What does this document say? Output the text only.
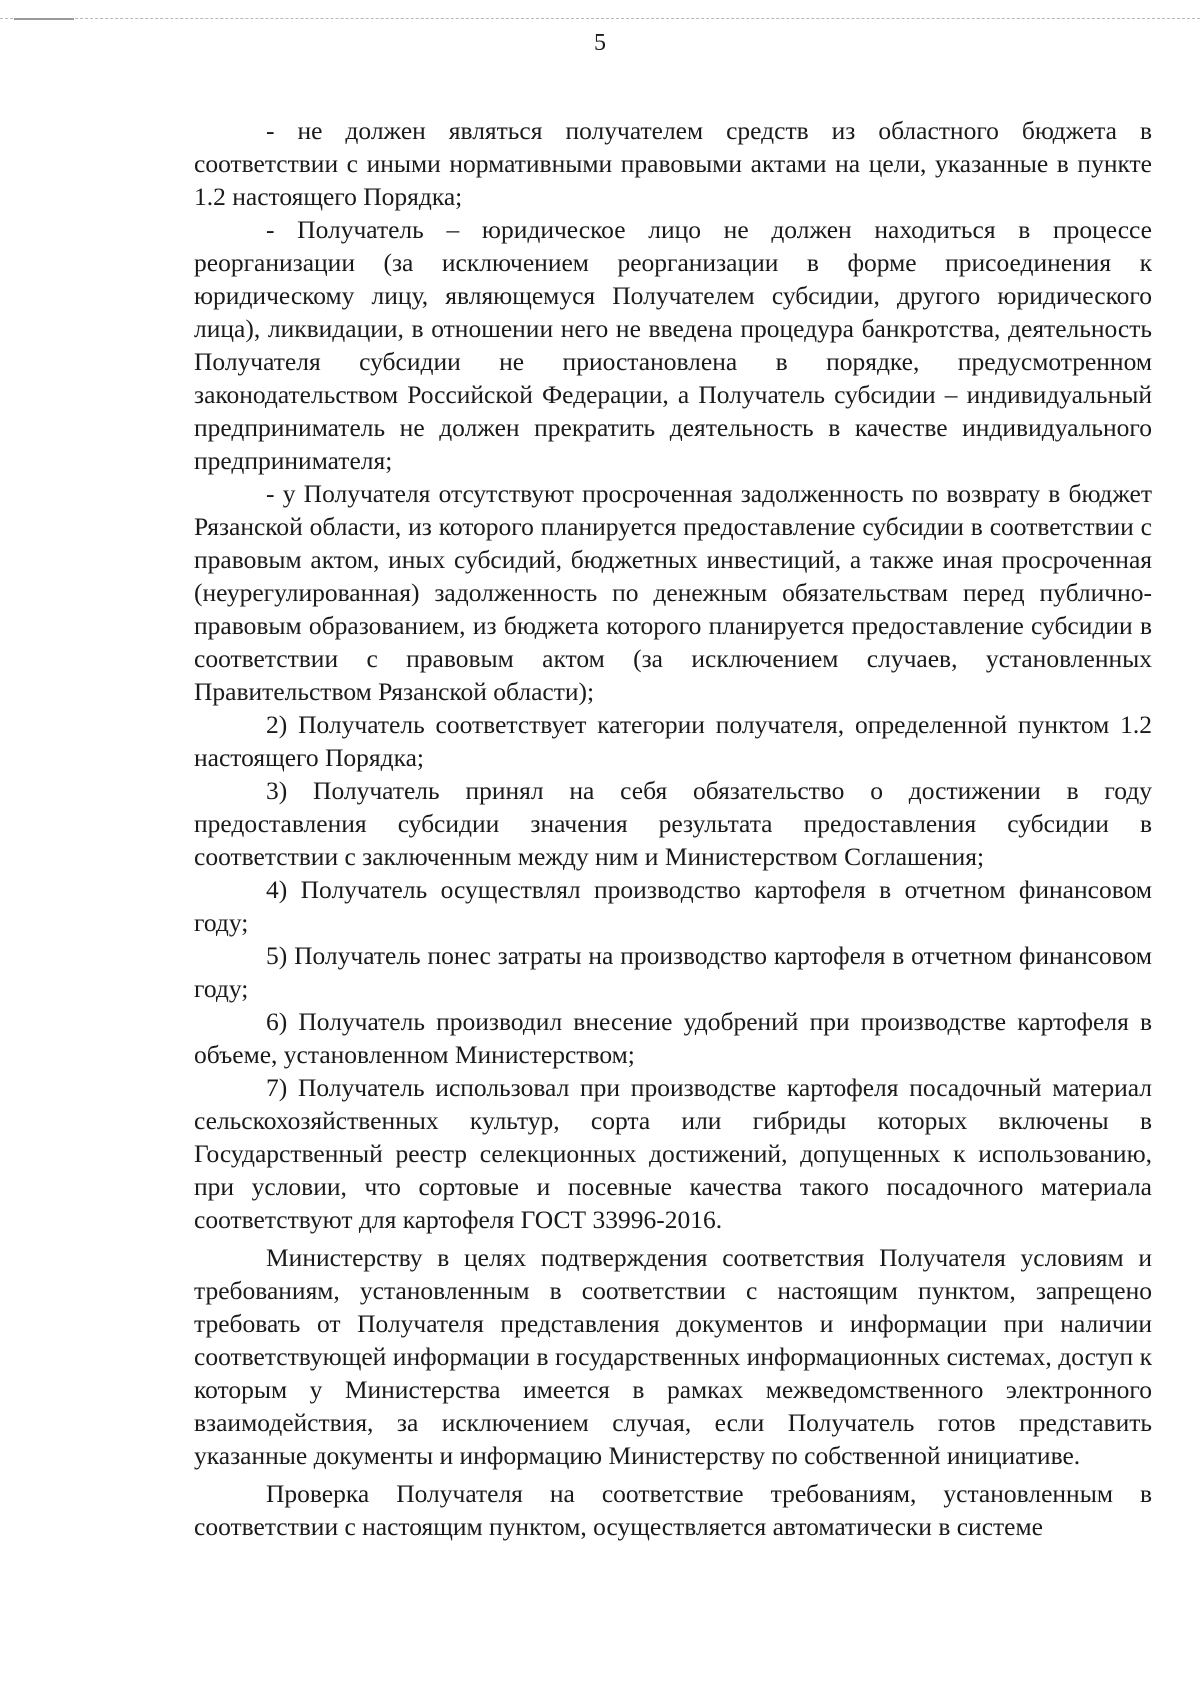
5

- не должен являться получателем средств из областного бюджета в соответствии с иными нормативными правовыми актами на цели, указанные в пункте 1.2 настоящего Порядка;

- Получатель – юридическое лицо не должен находиться в процессе реорганизации (за исключением реорганизации в форме присоединения к юридическому лицу, являющемуся Получателем субсидии, другого юридического лица), ликвидации, в отношении него не введена процедура банкротства, деятельность Получателя субсидии не приостановлена в порядке, предусмотренном законодательством Российской Федерации, а Получатель субсидии – индивидуальный предприниматель не должен прекратить деятельность в качестве индивидуального предпринимателя;

- у Получателя отсутствуют просроченная задолженность по возврату в бюджет Рязанской области, из которого планируется предоставление субсидии в соответствии с правовым актом, иных субсидий, бюджетных инвестиций, а также иная просроченная (неурегулированная) задолженность по денежным обязательствам перед публично-правовым образованием, из бюджета которого планируется предоставление субсидии в соответствии с правовым актом (за исключением случаев, установленных Правительством Рязанской области);

2) Получатель соответствует категории получателя, определенной пунктом 1.2 настоящего Порядка;

3) Получатель принял на себя обязательство о достижении в году предоставления субсидии значения результата предоставления субсидии в соответствии с заключенным между ним и Министерством Соглашения;

4) Получатель осуществлял производство картофеля в отчетном финансовом году;

5) Получатель понес затраты на производство картофеля в отчетном финансовом году;

6) Получатель производил внесение удобрений при производстве картофеля в объеме, установленном Министерством;

7) Получатель использовал при производстве картофеля посадочный материал сельскохозяйственных культур, сорта или гибриды которых включены в Государственный реестр селекционных достижений, допущенных к использованию, при условии, что сортовые и посевные качества такого посадочного материала соответствуют для картофеля ГОСТ 33996-2016.

Министерству в целях подтверждения соответствия Получателя условиям и требованиям, установленным в соответствии с настоящим пунктом, запрещено требовать от Получателя представления документов и информации при наличии соответствующей информации в государственных информационных системах, доступ к которым у Министерства имеется в рамках межведомственного электронного взаимодействия, за исключением случая, если Получатель готов представить указанные документы и информацию Министерству по собственной инициативе.

Проверка Получателя на соответствие требованиям, установленным в соответствии с настоящим пунктом, осуществляется автоматически в системе
